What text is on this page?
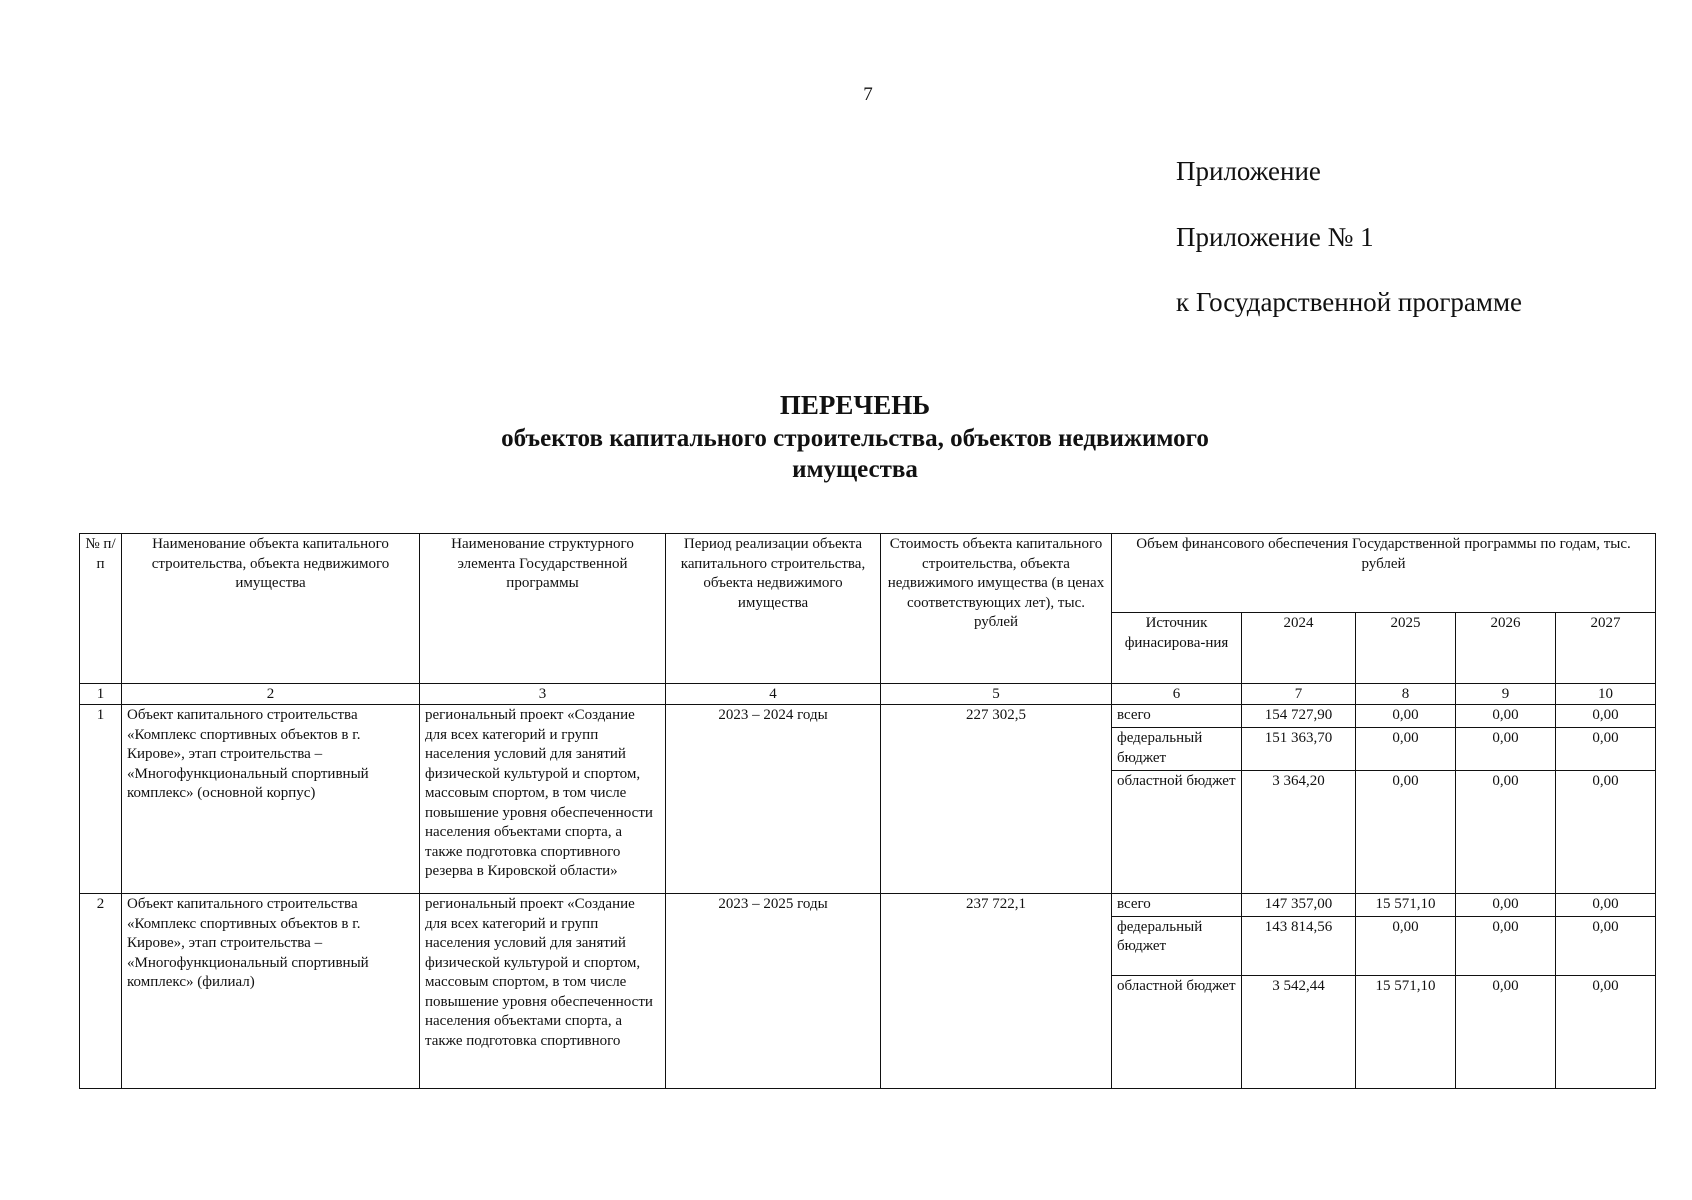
7
Приложение
Приложение № 1
к Государственной программе
ПЕРЕЧЕНЬ
объектов капитального строительства, объектов недвижимого
имущества
№ п/п	Наименование объекта капитального строительства, объекта недвижимого имущества	Наименование структурного элемента Государственной программы	Период реализации объекта капитального строительства, объекта недвижимого имущества	Стоимость объекта капитального строительства, объекта недвижимого имущества (в ценах соответствующих лет), тыс. рублей	Объем финансового обеспечения Государственной программы по годам, тыс. рублей				
					Источник финасирова-ния	2024	2025	2026	2027
1	2	3	4	5	6	7	8	9	10
1	Объект капитального строительства «Комплекс спортивных объектов в г. Кирове», этап строительства – «Многофункциональный спортивный комплекс» (основной корпус)	региональный проект «Создание для всех категорий и групп населения условий для занятий физической культурой и спортом, массовым спортом, в том числе повышение уровня обеспеченности населения объектами спорта, а также подготовка спортивного резерва в Кировской области»	2023 – 2024 годы	227 302,5	всего	154 727,90	0,00	0,00	0,00
					федеральный бюджет	151 363,70	0,00	0,00	0,00
					областной бюджет	3 364,20	0,00	0,00	0,00
2	Объект капитального строительства «Комплекс спортивных объектов в г. Кирове», этап строительства – «Многофункциональный спортивный комплекс» (филиал)	региональный проект «Создание для всех категорий и групп населения условий для занятий физической культурой и спортом, массовым спортом, в том числе повышение уровня обеспеченности населения объектами спорта, а также подготовка спортивного	2023 – 2025 годы	237 722,1	всего	147 357,00	15 571,10	0,00	0,00
					федеральный бюджет	143 814,56	0,00	0,00	0,00
					областной бюджет	3 542,44	15 571,10	0,00	0,00
